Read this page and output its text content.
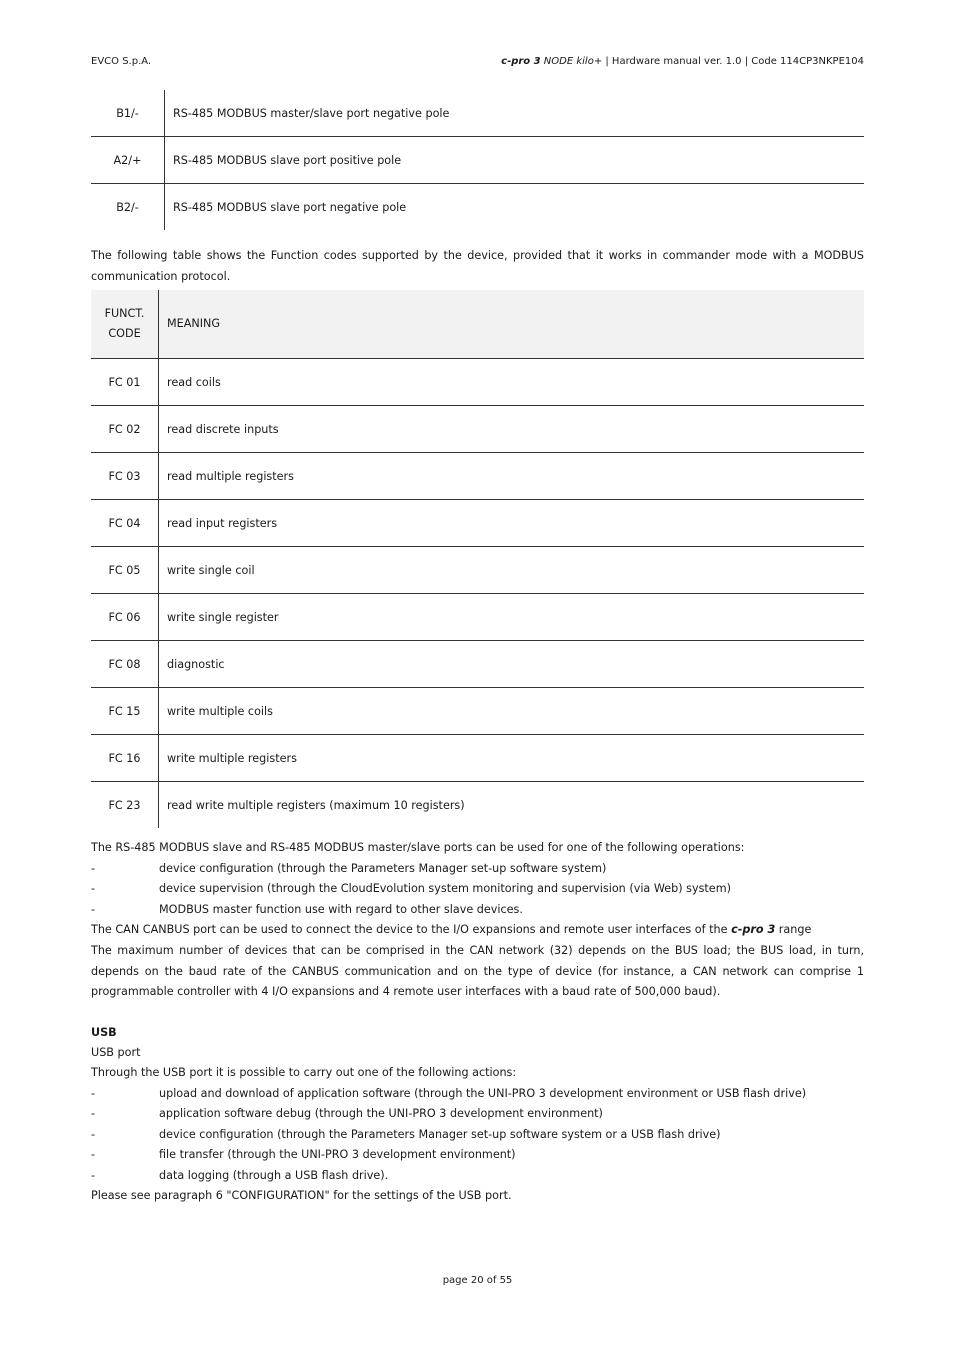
EVCO S.p.A.	c-pro 3 NODE kilo+ | Hardware manual ver. 1.0 | Code 114CP3NKPE104
B1/-	RS-485 MODBUS master/slave port negative pole
A2/+	RS-485 MODBUS slave port positive pole
B2/-	RS-485 MODBUS slave port negative pole

The following table shows the Function codes supported by the device, provided that it works in commander mode with a MODBUS communication protocol.

FUNCT.
CODE	MEANING
FC 01	read coils
FC 02	read discrete inputs
FC 03	read multiple registers
FC 04	read input registers
FC 05	write single coil
FC 06	write single register
FC 08	diagnostic
FC 15	write multiple coils
FC 16	write multiple registers
FC 23	read write multiple registers (maximum 10 registers)

The RS-485 MODBUS slave and RS-485 MODBUS master/slave ports can be used for one of the following operations:

-	device configuration (through the Parameters Manager set-up software system)
-	device supervision (through the CloudEvolution system monitoring and supervision (via Web) system)
-	MODBUS master function use with regard to other slave devices.

The CAN CANBUS port can be used to connect the device to the I/O expansions and remote user interfaces of the c-pro 3 range

The maximum number of devices that can be comprised in the CAN network (32) depends on the BUS load; the BUS load, in turn, depends on the baud rate of the CANBUS communication and on the type of device (for instance, a CAN network can comprise 1 programmable controller with 4 I/O expansions and 4 remote user interfaces with a baud rate of 500,000 baud).

USB
USB port
Through the USB port it is possible to carry out one of the following actions:
-	upload and download of application software (through the UNI-PRO 3 development environment or USB flash drive)
-	application software debug (through the UNI-PRO 3 development environment)
-	device configuration (through the Parameters Manager set-up software system or a USB flash drive)
-	file transfer (through the UNI-PRO 3 development environment)
-	data logging (through a USB flash drive).
Please see paragraph 6 "CONFIGURATION" for the settings of the USB port.
page 20 of 55
